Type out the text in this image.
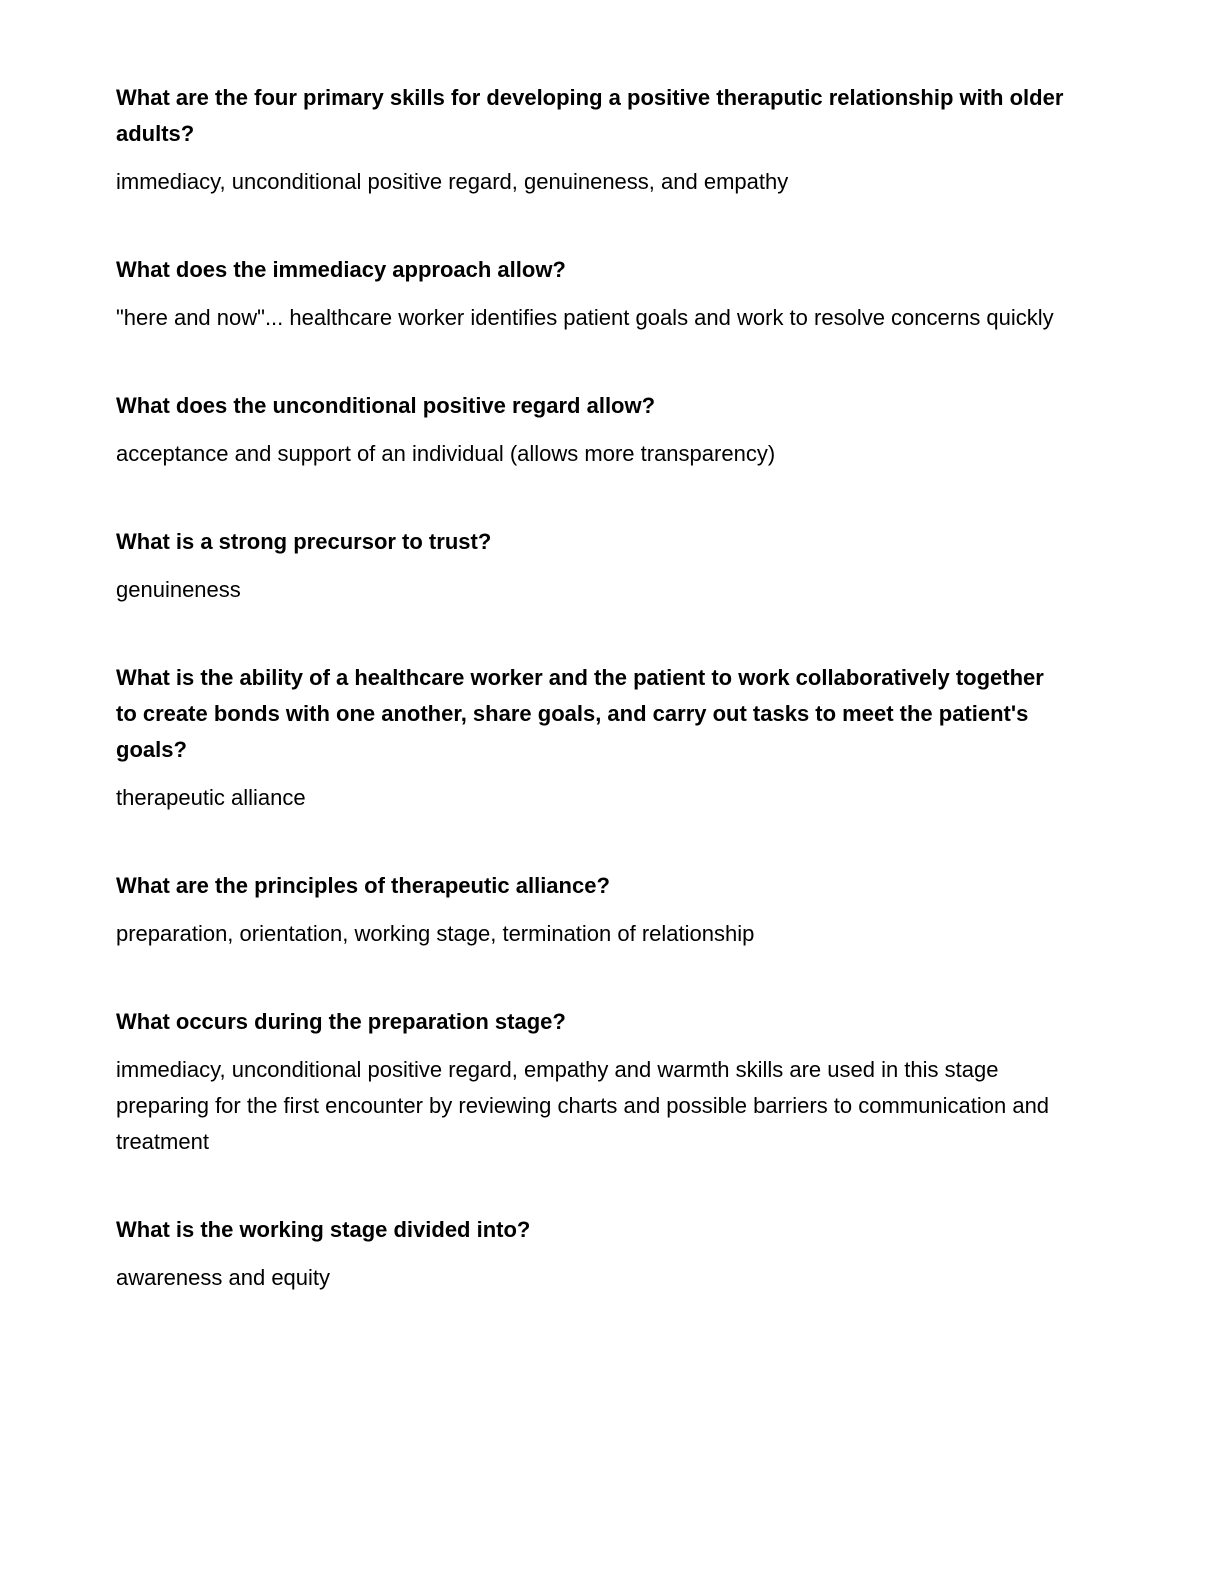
What are the four primary skills for developing a positive theraputic relationship with older adults?

immediacy, unconditional positive regard, genuineness, and empathy

What does the immediacy approach allow?

"here and now"... healthcare worker identifies patient goals and work to resolve concerns quickly

What does the unconditional positive regard allow?

acceptance and support of an individual (allows more transparency)

What is a strong precursor to trust?

genuineness

What is the ability of a healthcare worker and the patient to work collaboratively together to create bonds with one another, share goals, and carry out tasks to meet the patient's goals?

therapeutic alliance

What are the principles of therapeutic alliance?

preparation, orientation, working stage, termination of relationship

What occurs during the preparation stage?

immediacy, unconditional positive regard, empathy and warmth skills are used in this stage
preparing for the first encounter by reviewing charts and possible barriers to communication and treatment

What is the working stage divided into?

awareness and equity
